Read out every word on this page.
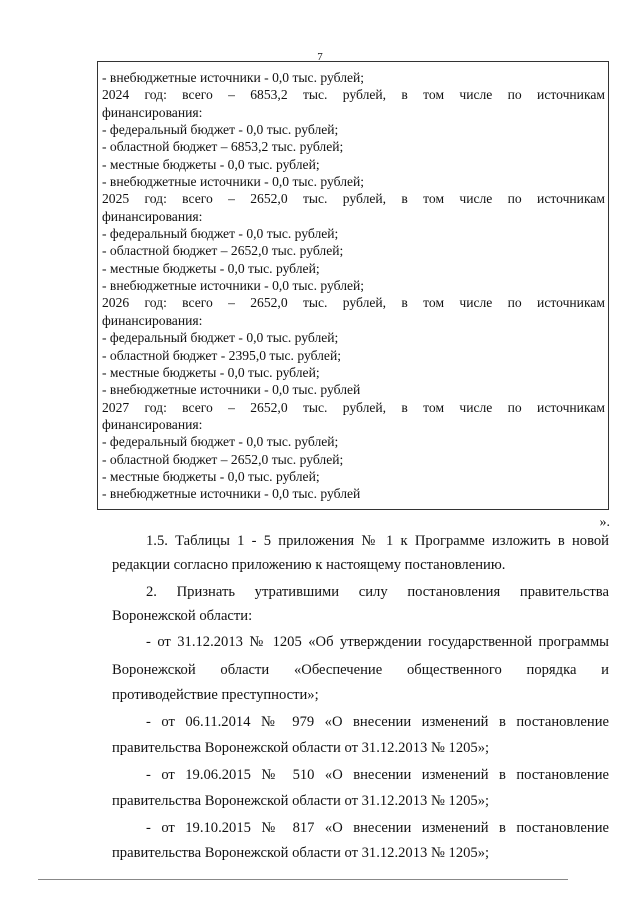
7
- внебюджетные источники - 0,0 тыс. рублей;
2024 год: всего – 6853,2 тыс. рублей, в том числе по источникам
финансирования:
- федеральный бюджет - 0,0 тыс. рублей;
- областной бюджет – 6853,2 тыс. рублей;
- местные бюджеты - 0,0 тыс. рублей;
- внебюджетные источники - 0,0 тыс. рублей;
2025 год: всего – 2652,0 тыс. рублей, в том числе по источникам
финансирования:
- федеральный бюджет - 0,0 тыс. рублей;
- областной бюджет – 2652,0 тыс. рублей;
- местные бюджеты - 0,0 тыс. рублей;
- внебюджетные источники - 0,0 тыс. рублей;
2026 год: всего – 2652,0 тыс. рублей, в том числе по источникам
финансирования:
- федеральный бюджет - 0,0 тыс. рублей;
- областной бюджет - 2395,0 тыс. рублей;
- местные бюджеты - 0,0 тыс. рублей;
- внебюджетные источники - 0,0 тыс. рублей
2027 год: всего – 2652,0 тыс. рублей, в том числе по источникам
финансирования:
- федеральный бюджет - 0,0 тыс. рублей;
- областной бюджет – 2652,0 тыс. рублей;
- местные бюджеты - 0,0 тыс. рублей;
- внебюджетные источники - 0,0 тыс. рублей
».
1.5. Таблицы 1 - 5 приложения № 1 к Программе изложить в новой
редакции согласно приложению к настоящему постановлению.
2. Признать утратившими силу постановления правительства
Воронежской области:
- от 31.12.2013 № 1205 «Об утверждении государственной программы
Воронежской области «Обеспечение общественного порядка и
противодействие преступности»;
- от 06.11.2014 № 979 «О внесении изменений в постановление
правительства Воронежской области от 31.12.2013 № 1205»;
- от 19.06.2015 № 510 «О внесении изменений в постановление
правительства Воронежской области от 31.12.2013 № 1205»;
- от 19.10.2015 № 817 «О внесении изменений в постановление
правительства Воронежской области от 31.12.2013 № 1205»;
